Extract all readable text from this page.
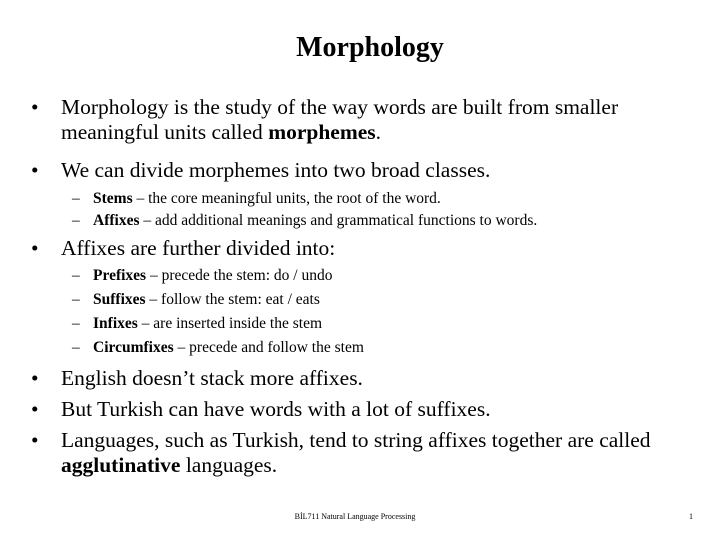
Morphology
• Morphology is the study of the way words are built from smaller meaningful units called morphemes.
• We can divide morphemes into two broad classes.
– Stems – the core meaningful units, the root of the word.
– Affixes – add additional meanings and grammatical functions to words.
• Affixes are further divided into:
– Prefixes – precede the stem: do / undo
– Suffixes – follow the stem: eat / eats
– Infixes – are inserted inside the stem
– Circumfixes – precede and follow the stem
• English doesn’t stack more affixes.
• But Turkish can have words with a lot of suffixes.
• Languages, such as Turkish, tend to string affixes together are called agglutinative languages.
BİL711 Natural Language Processing	1
